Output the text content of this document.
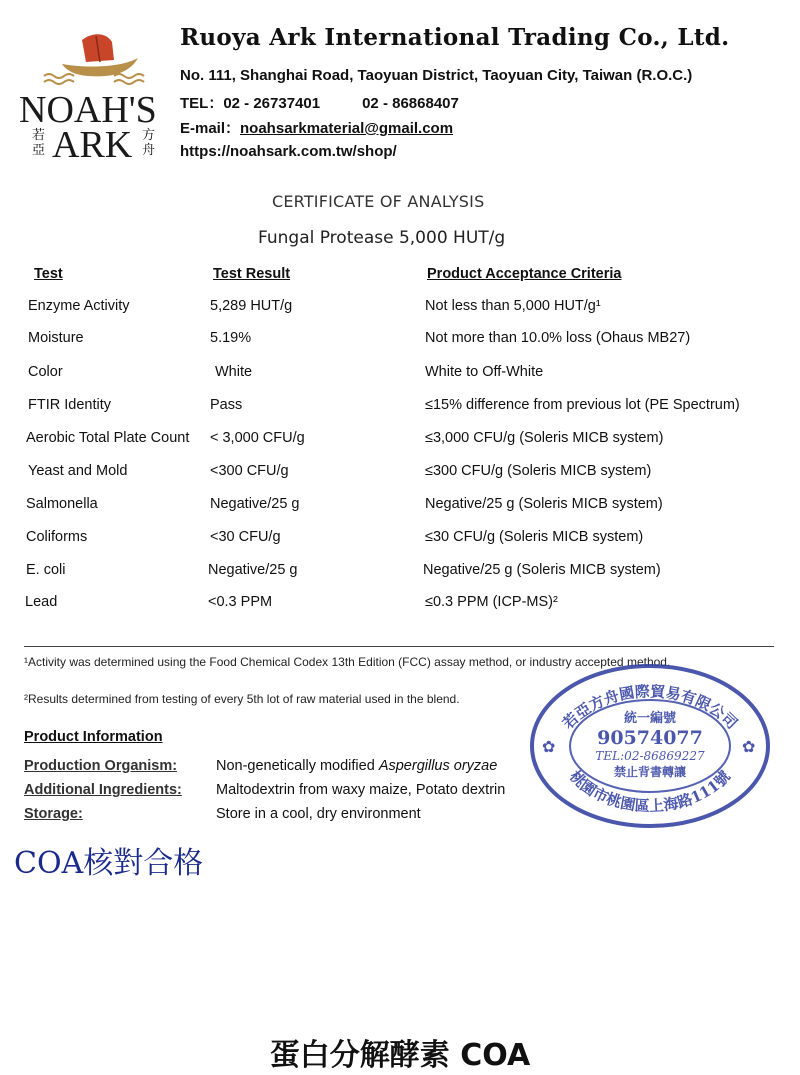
NOAH'S
若亞 ARK 方舟
Ruoya Ark International Trading Co., Ltd.
No. 111, Shanghai Road, Taoyuan District, Taoyuan City, Taiwan (R.O.C.)
TEL：02 - 26737401	02 - 86868407
E-mail：noahsarkmaterial@gmail.com
https://noahsark.com.tw/shop/
CERTIFICATE OF ANALYSIS
Fungal Protease 5,000 HUT/g
Test	Test Result	Product Acceptance Criteria
Enzyme Activity	5,289 HUT/g	Not less than 5,000 HUT/g¹
Moisture	5.19%	Not more than 10.0% loss (Ohaus MB27)
Color	White	White to Off-White
FTIR Identity	Pass	≤15% difference from previous lot (PE Spectrum)
Aerobic Total Plate Count < 3,000 CFU/g	≤3,000 CFU/g (Soleris MICB system)
Yeast and Mold	<300 CFU/g	≤300 CFU/g (Soleris MICB system)
Salmonella	Negative/25 g	Negative/25 g (Soleris MICB system)
Coliforms	<30 CFU/g	≤30 CFU/g (Soleris MICB system)
E. coli	Negative/25 g	Negative/25 g (Soleris MICB system)
Lead	<0.3 PPM	≤0.3 PPM (ICP-MS)²
¹Activity was determined using the Food Chemical Codex 13th Edition (FCC) assay method, or industry accepted method.
²Results determined from testing of every 5th lot of raw material used in the blend.
Product Information
Production Organism:	Non-genetically modified Aspergillus oryzae
Additional Ingredients: Maltodextrin from waxy maize, Potato dextrin
Storage:	Store in a cool, dry environment
COA核對合格
若亞方舟國際貿易有限公司
桃園市桃園區上海路111號
✿	✿
統一編號
90574077
TEL:02-86869227
禁止背書轉讓
蛋白分解酵素 COA
